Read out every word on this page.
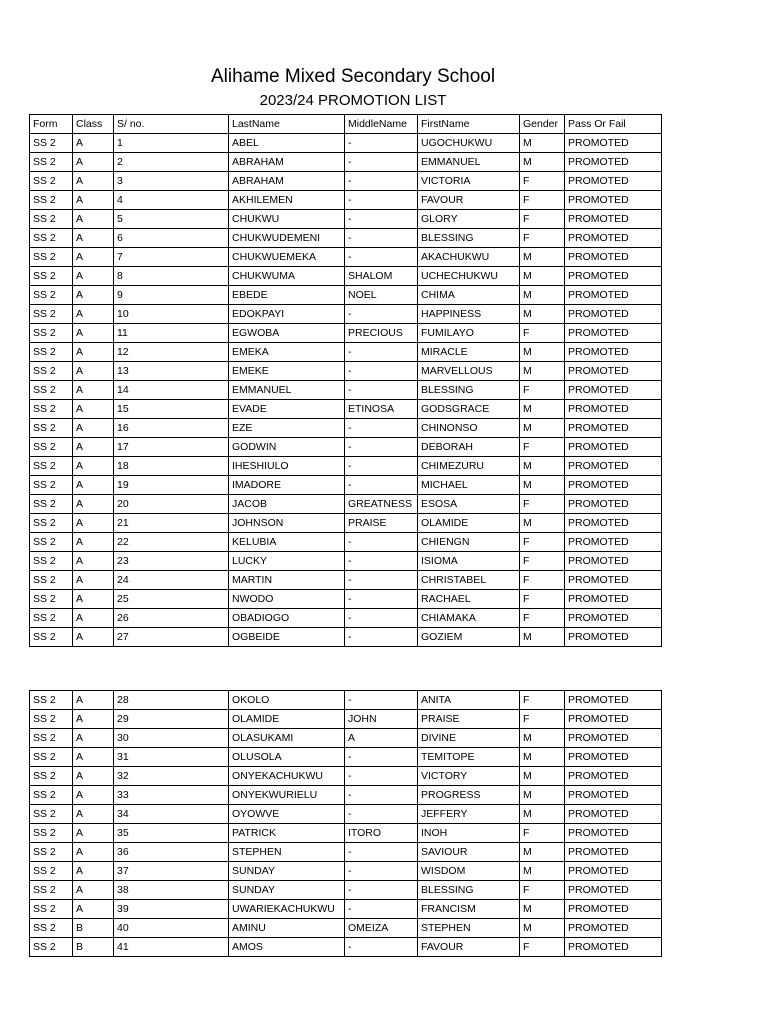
Alihame Mixed Secondary School
2023/24 PROMOTION LIST
Form	Class	S/ no.	LastName	MiddleName	FirstName	Gender	Pass Or Fail
SS 2	A	1	ABEL	-	UGOCHUKWU	M	PROMOTED
SS 2	A	2	ABRAHAM	-	EMMANUEL	M	PROMOTED
SS 2	A	3	ABRAHAM	-	VICTORIA	F	PROMOTED
SS 2	A	4	AKHILEMEN	-	FAVOUR	F	PROMOTED
SS 2	A	5	CHUKWU	-	GLORY	F	PROMOTED
SS 2	A	6	CHUKWUDEMENI	-	BLESSING	F	PROMOTED
SS 2	A	7	CHUKWUEMEKA	-	AKACHUKWU	M	PROMOTED
SS 2	A	8	CHUKWUMA	SHALOM	UCHECHUKWU	M	PROMOTED
SS 2	A	9	EBEDE	NOEL	CHIMA	M	PROMOTED
SS 2	A	10	EDOKPAYI	-	HAPPINESS	M	PROMOTED
SS 2	A	11	EGWOBA	PRECIOUS	FUMILAYO	F	PROMOTED
SS 2	A	12	EMEKA	-	MIRACLE	M	PROMOTED
SS 2	A	13	EMEKE	-	MARVELLOUS	M	PROMOTED
SS 2	A	14	EMMANUEL	-	BLESSING	F	PROMOTED
SS 2	A	15	EVADE	ETINOSA	GODSGRACE	M	PROMOTED
SS 2	A	16	EZE	-	CHINONSO	M	PROMOTED
SS 2	A	17	GODWIN	-	DEBORAH	F	PROMOTED
SS 2	A	18	IHESHIULO	-	CHIMEZURU	M	PROMOTED
SS 2	A	19	IMADORE	-	MICHAEL	M	PROMOTED
SS 2	A	20	JACOB	GREATNESS	ESOSA	F	PROMOTED
SS 2	A	21	JOHNSON	PRAISE	OLAMIDE	M	PROMOTED
SS 2	A	22	KELUBIA	-	CHIENGN	F	PROMOTED
SS 2	A	23	LUCKY	-	ISIOMA	F	PROMOTED
SS 2	A	24	MARTIN	-	CHRISTABEL	F	PROMOTED
SS 2	A	25	NWODO	-	RACHAEL	F	PROMOTED
SS 2	A	26	OBADIOGO	-	CHIAMAKA	F	PROMOTED
SS 2	A	27	OGBEIDE	-	GOZIEM	M	PROMOTED
SS 2	A	28	OKOLO	-	ANITA	F	PROMOTED
SS 2	A	29	OLAMIDE	JOHN	PRAISE	F	PROMOTED
SS 2	A	30	OLASUKAMI	A	DIVINE	M	PROMOTED
SS 2	A	31	OLUSOLA	-	TEMITOPE	M	PROMOTED
SS 2	A	32	ONYEKACHUKWU	-	VICTORY	M	PROMOTED
SS 2	A	33	ONYEKWURIELU	-	PROGRESS	M	PROMOTED
SS 2	A	34	OYOWVE	-	JEFFERY	M	PROMOTED
SS 2	A	35	PATRICK	ITORO	INOH	F	PROMOTED
SS 2	A	36	STEPHEN	-	SAVIOUR	M	PROMOTED
SS 2	A	37	SUNDAY	-	WISDOM	M	PROMOTED
SS 2	A	38	SUNDAY	-	BLESSING	F	PROMOTED
SS 2	A	39	UWARIEKACHUKWU	-	FRANCISM	M	PROMOTED
SS 2	B	40	AMINU	OMEIZA	STEPHEN	M	PROMOTED
SS 2	B	41	AMOS	-	FAVOUR	F	PROMOTED
